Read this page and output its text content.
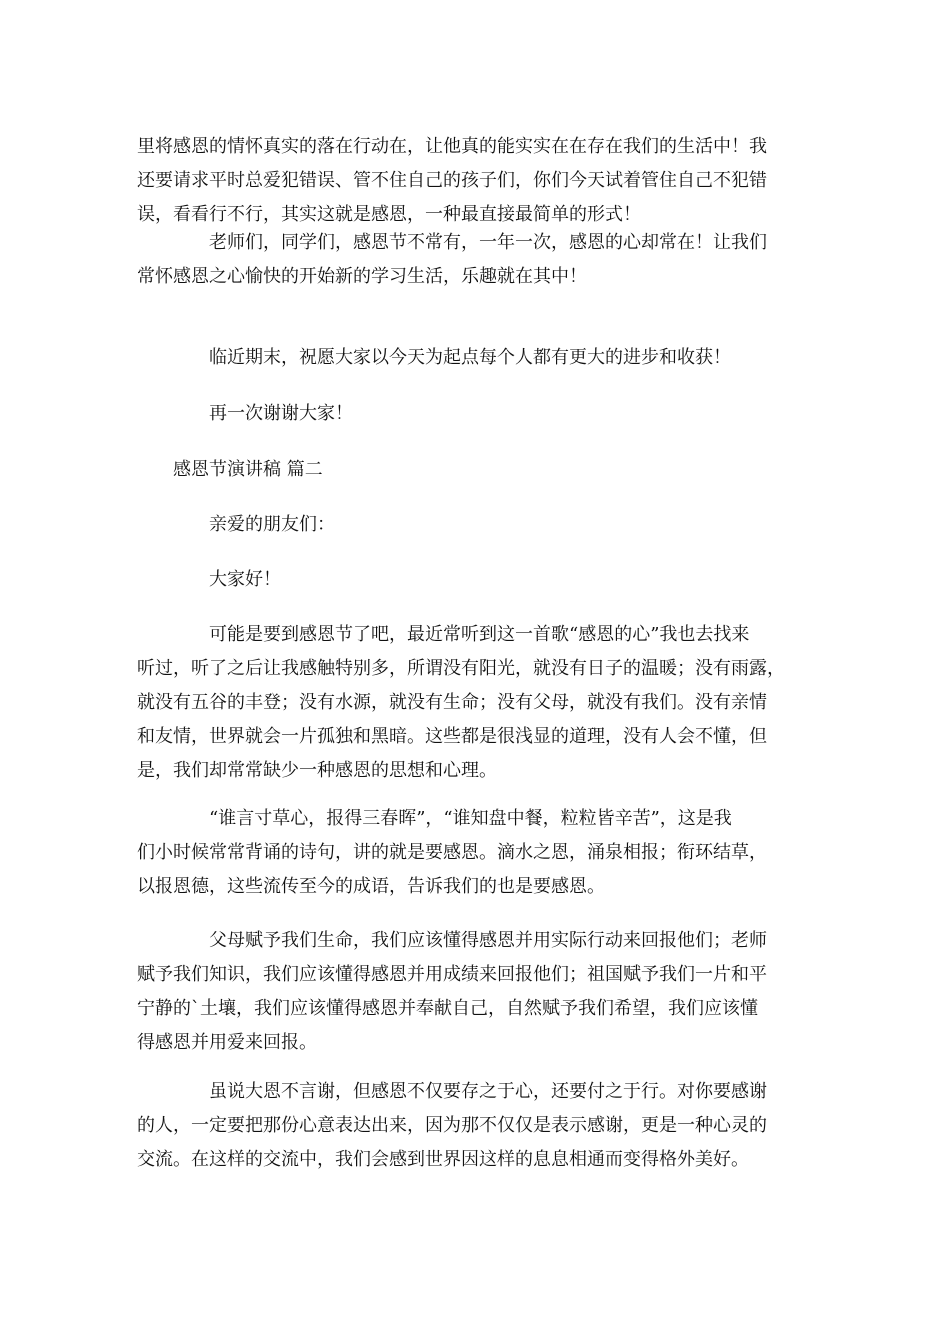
里将感恩的情怀真实的落在行动在，让他真的能实实在在存在我们的生活中！我
还要请求平时总爱犯错误、管不住自己的孩子们，你们今天试着管住自己不犯错
误，看看行不行，其实这就是感恩，一种最直接最简单的形式！
老师们，同学们，感恩节不常有，一年一次，感恩的心却常在！让我们
常怀感恩之心愉快的开始新的学习生活，乐趣就在其中！

临近期末，祝愿大家以今天为起点每个人都有更大的进步和收获！

再一次谢谢大家！

感恩节演讲稿 篇二

亲爱的朋友们：

大家好！

可能是要到感恩节了吧，最近常听到这一首歌“感恩的心”我也去找来
听过，听了之后让我感触特别多，所谓没有阳光，就没有日子的温暖；没有雨露，
就没有五谷的丰登；没有水源，就没有生命；没有父母，就没有我们。没有亲情
和友情，世界就会一片孤独和黑暗。这些都是很浅显的道理，没有人会不懂，但
是，我们却常常缺少一种感恩的思想和心理。
“谁言寸草心，报得三春晖”，“谁知盘中餐，粒粒皆辛苦”，这是我
们小时候常常背诵的诗句，讲的就是要感恩。滴水之恩，涌泉相报；衔环结草，
以报恩德，这些流传至今的成语，告诉我们的也是要感恩。
父母赋予我们生命，我们应该懂得感恩并用实际行动来回报他们；老师
赋予我们知识，我们应该懂得感恩并用成绩来回报他们；祖国赋予我们一片和平
宁静的`土壤，我们应该懂得感恩并奉献自己，自然赋予我们希望，我们应该懂
得感恩并用爱来回报。
虽说大恩不言谢，但感恩不仅要存之于心，还要付之于行。对你要感谢
的人，一定要把那份心意表达出来，因为那不仅仅是表示感谢，更是一种心灵的
交流。在这样的交流中，我们会感到世界因这样的息息相通而变得格外美好。
